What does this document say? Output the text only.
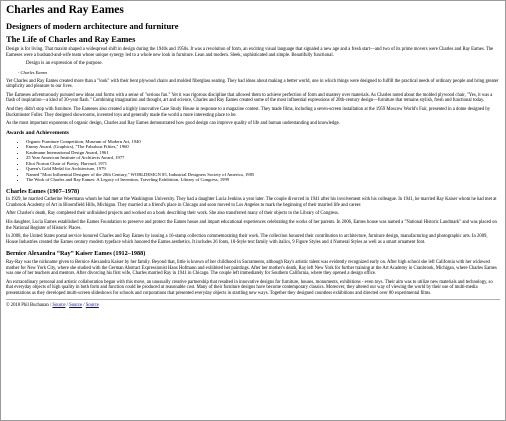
Charles and Ray Eames
Designers of modern architecture and furniture
The Life of Charles and Ray Eames

Design is for living. That maxim shaped a widespread shift in design during the 1940s and 1950s. It was a revolution of form, an exciting visual language that signaled a new age and a fresh start—and two of its prime movers were Charles and Ray Eames. The Eameses were a husband-and-wife team whose unique synergy led to a whole new look in furniture. Lean and modern. Sleek, sophisticated and simple. Beautifully functional.

Design is an expression of the purpose.

- Charles Eames

Yet Charles and Ray Eames created more than a "look" with their bent plywood chairs and molded fiberglass seating. They had ideas about making a better world, one in which things were designed to fulfill the practical needs of ordinary people and bring greater simplicity and pleasure to our lives.

The Eameses adventurously pursued new ideas and forms with a sense of "serious fun." Yet it was rigorous discipline that allowed them to achieve perfection of form and mastery over materials. As Charles noted about the molded plywood chair, "Yes, it was a flash of inspiration—a kind of 30-year flash." Combining imagination and thought, art and science, Charles and Ray Eames created some of the most influential expressions of 20th-century design—furniture that remains stylish, fresh and functional today.

And they didn't stop with furniture. The Eameses also created a highly innovative Case Study House in response to a magazine contest. They made films, including a seven-screen installation at the 1959 Moscow World's Fair, presented in a dome designed by Buckminster Fuller. They designed showrooms, invented toys and generally made the world a more interesting place to be.

As the most important exponents of organic design, Charles and Ray Eames demonstrated how good design can improve quality of life and human understanding and knowledge.

Awards and Achievements
• Organic Furniture Competition, Museum of Modern Art, 1940
• Emmy Award, (Graphics), "The Fabulous Fifties," 1960
• Kaufmann International Design Award, 1961
• 25 Year American Institute of Architects Award, 1977
• Eliot Norton Chair of Poetry, Harvard, 1971
• Queen's Gold Medal for Architecture, 1979
• Named "Most Influential Designer of the 20th Century," WORLDESIGN 85, Industrial Designers Society of America, 1985
• The Work of Charles and Ray Eames: A Legacy of Invention, Traveling Exhibition, Library of Congress, 1999
Charles Eames (1907–1978)

In 1929, he married Catherine Woermann whom he had met at the Washington University. They had a daughter Lucia Jenkins a year later. The couple divorced in 1941 after his involvement with his colleague. In 1941, he married Ray Kaiser whom he had met at Cranbrook Academy of Art in Bloomfield Hills, Michigan. They married at a friend's place in Chicago and soon moved to Los Angeles to mark the beginning of their married life and career.

After Charles's death, Ray completed their unfinished projects and worked on a book describing their work. She also transferred many of their objects to the Library of Congress.

His daughter, Lucia Eames established the Eames Foundation to preserve and protect the Eames house and impart educational experiences celebrating the works of her parents. In 2006, Eames house was named a "National Historic Landmark" and was placed on the National Register of Historic Places.

In 2008, the United States postal service honored Charles and Ray Eames by issuing a 16-stamp collection commemorating their work. The collection honored their contribution to architecture, furniture design, manufacturing and photographic arts. In 2009, House Industries created the Eames century modern typeface which honored the Eames aesthetics. It includes 26 fonts, 18-Style text family with italics, 9 Figure Styles and 4 Numeral Styles as well as a smart ornament font.

Bernice Alexandra “Ray” Kaiser Eames (1912–1988)

Ray-Ray was the nickname given to Bernice Alexandra Kaiser by her family. Beyond that, little is known of her childhood in Sacramento, although Ray's artistic talent was evidently recognized early on. After high school she left California with her widowed mother for New York City, where she studied with the German Abstract Expressionist Hans Hofmann and exhibited her paintings. After her mother's death, Ray left New York for further training at the Art Academy in Cranbrook, Michigan, where Charles Eames was one of her teachers and mentors. After divorcing his first wife, Charles married Ray in 1941 in Chicago. The couple left immediately for Southern California, where they opened a design office.

An extraordinary personal and artistic collaboration began with this move, an unusually creative partnership that resulted in innovative designs for furniture, houses, monuments, exhibitions - even toys. Their aim was to utilize new materials and technology, so that everyday objects of high quality in both form and function could be produced at reasonable cost. Many of their furniture designs have become contemporary classics. Moreover, they altered our way of viewing the world by their use of multi-media presentations as they developed multi-screen slideshows for schools and corporations that presented everyday objects in startling new ways. Together they designed countless exhibitions and directed over 80 experimental films.

© 2018 Phil Buchanan / Source / Source / Source
